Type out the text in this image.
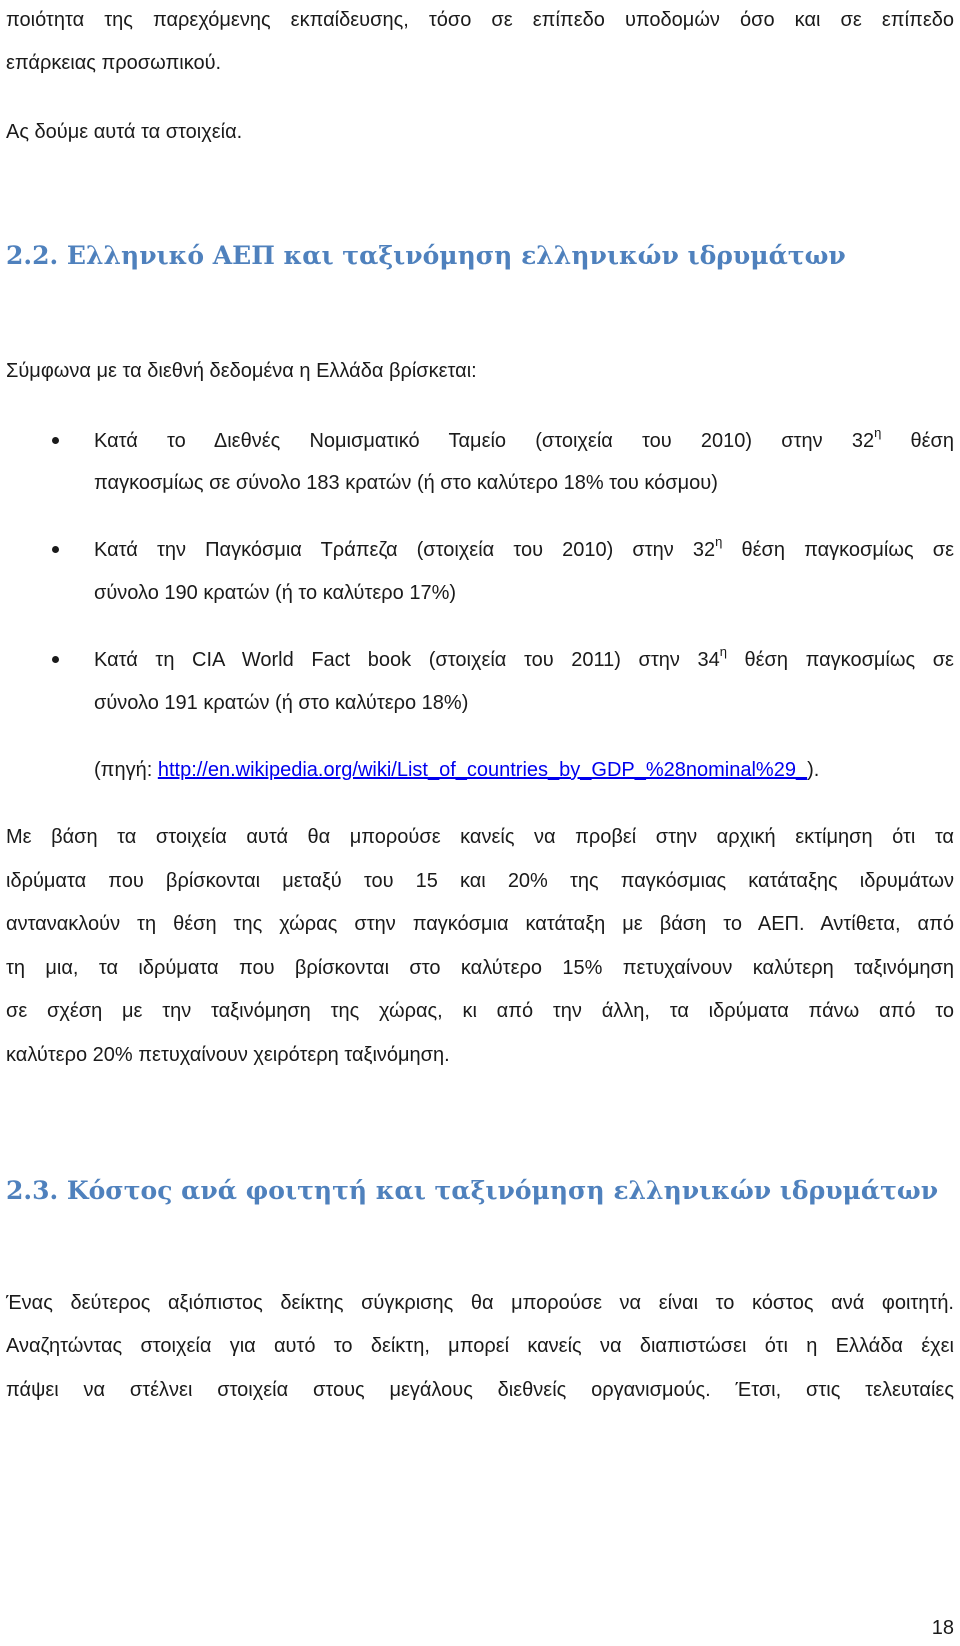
ποιότητα της παρεχόμενης εκπαίδευσης, τόσο σε επίπεδο υποδομών όσο και σε επίπεδο
επάρκειας προσωπικού.
Ας δούμε αυτά τα στοιχεία.
2.2. Ελληνικό ΑΕΠ και ταξινόμηση ελληνικών ιδρυμάτων
Σύμφωνα με τα διεθνή δεδομένα η Ελλάδα βρίσκεται:
Κατά το Διεθνές Νομισματικό Ταμείο (στοιχεία του 2010) στην $32^\eta$ θέση
παγκοσμίως σε σύνολο 183 κρατών (ή στο καλύτερο 18% του κόσμου)
Κατά την Παγκόσμια Τράπεζα (στοιχεία του 2010) στην $32^\eta$ θέση παγκοσμίως σε
σύνολο 190 κρατών (ή το καλύτερο 17%)
Κατά τη CIA World Fact book (στοιχεία του 2011) στην $34^\eta$ θέση παγκοσμίως σε
σύνολο 191 κρατών (ή στο καλύτερο 18%)
(πηγή: http://en.wikipedia.org/wiki/List_of_countries_by_GDP_%28nominal%29_).
Με βάση τα στοιχεία αυτά θα μπορούσε κανείς να προβεί στην αρχική εκτίμηση ότι τα
ιδρύματα που βρίσκονται μεταξύ του 15 και 20% της παγκόσμιας κατάταξης ιδρυμάτων
αντανακλούν τη θέση της χώρας στην παγκόσμια κατάταξη με βάση το ΑΕΠ. Αντίθετα, από
τη μια, τα ιδρύματα που βρίσκονται στο καλύτερο 15% πετυχαίνουν καλύτερη ταξινόμηση
σε σχέση με την ταξινόμηση της χώρας, κι από την άλλη, τα ιδρύματα πάνω από το
καλύτερο 20% πετυχαίνουν χειρότερη ταξινόμηση.
2.3. Κόστος ανά φοιτητή και ταξινόμηση ελληνικών ιδρυμάτων
Ένας δεύτερος αξιόπιστος δείκτης σύγκρισης θα μπορούσε να είναι το κόστος ανά φοιτητή.
Αναζητώντας στοιχεία για αυτό το δείκτη, μπορεί κανείς να διαπιστώσει ότι η Ελλάδα έχει
πάψει να στέλνει στοιχεία στους μεγάλους διεθνείς οργανισμούς. Έτσι, στις τελευταίες
18
